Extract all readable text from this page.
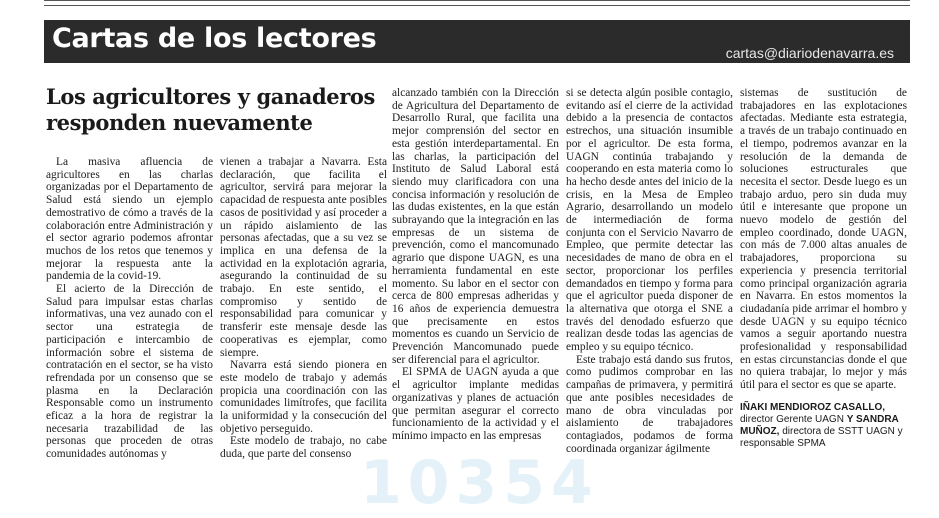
Cartas de los lectores	cartas@diariodenavarra.es
Los agricultores y ganaderos responden nuevamente

La masiva afluencia de agricultores en las charlas organizadas por el Departamento de Salud está siendo un ejemplo demostrativo de cómo a través de la colaboración entre Administración y el sector agrario podemos afrontar muchos de los retos que tenemos y mejorar la respuesta ante la pandemia de la covid-19.

El acierto de la Dirección de Salud para impulsar estas charlas informativas, una vez aunado con el sector una estrategia de participación e intercambio de información sobre el sistema de contratación en el sector, se ha visto refrendada por un consenso que se plasma en la Declaración Responsable como un instrumento eficaz a la hora de registrar la necesaria trazabilidad de las personas que proceden de otras comunidades autónomas y

vienen a trabajar a Navarra. Esta declaración, que facilita el agricultor, servirá para mejorar la capacidad de respuesta ante posibles casos de positividad y así proceder a un rápido aislamiento de las personas afectadas, que a su vez se implica en una defensa de la actividad en la explotación agraria, asegurando la continuidad de su trabajo. En este sentido, el compromiso y sentido de responsabilidad para comunicar y transferir este mensaje desde las cooperativas es ejemplar, como siempre.

Navarra está siendo pionera en este modelo de trabajo y además propicia una coordinación con las comunidades limítrofes, que facilita la uniformidad y la consecución del objetivo perseguido.

Este modelo de trabajo, no cabe duda, que parte del consenso

alcanzado también con la Dirección de Agricultura del Departamento de Desarrollo Rural, que facilita una mejor comprensión del sector en esta gestión interdepartamental. En las charlas, la participación del Instituto de Salud Laboral está siendo muy clarificadora con una concisa información y resolución de las dudas existentes, en la que están subrayando que la integración en las empresas de un sistema de prevención, como el mancomunado agrario que dispone UAGN, es una herramienta fundamental en este momento. Su labor en el sector con cerca de 800 empresas adheridas y 16 años de experiencia demuestra que precisamente en estos momentos es cuando un Servicio de Prevención Mancomunado puede ser diferencial para el agricultor.

El SPMA de UAGN ayuda a que el agricultor implante medidas organizativas y planes de actuación que permitan asegurar el correcto funcionamiento de la actividad y el mínimo impacto en las empresas

si se detecta algún posible contagio, evitando así el cierre de la actividad debido a la presencia de contactos estrechos, una situación insumible por el agricultor. De esta forma, UAGN continúa trabajando y cooperando en esta materia como lo ha hecho desde antes del inicio de la crisis, en la Mesa de Empleo Agrario, desarrollando un modelo de intermediación de forma conjunta con el Servicio Navarro de Empleo, que permite detectar las necesidades de mano de obra en el sector, proporcionar los perfiles demandados en tiempo y forma para que el agricultor pueda disponer de la alternativa que otorga el SNE a través del denodado esfuerzo que realizan desde todas las agencias de empleo y su equipo técnico.

Este trabajo está dando sus frutos, como pudimos comprobar en las campañas de primavera, y permitirá que ante posibles necesidades de mano de obra vinculadas por aislamiento de trabajadores contagiados, podamos de forma coordinada organizar ágilmente

sistemas de sustitución de trabajadores en las explotaciones afectadas. Mediante esta estrategia, a través de un trabajo continuado en el tiempo, podremos avanzar en la resolución de la demanda de soluciones estructurales que necesita el sector. Desde luego es un trabajo arduo, pero sin duda muy útil e interesante que propone un nuevo modelo de gestión del empleo coordinado, donde UAGN, con más de 7.000 altas anuales de trabajadores, proporciona su experiencia y presencia territorial como principal organización agraria en Navarra. En estos momentos la ciudadanía pide arrimar el hombro y desde UAGN y su equipo técnico vamos a seguir aportando nuestra profesionalidad y responsabilidad en estas circunstancias donde el que no quiera trabajar, lo mejor y más útil para el sector es que se aparte.

IÑAKI MENDIOROZ CASALLO, director Gerente UAGN Y SANDRA MUÑOZ, directora de SSTT UAGN y responsable SPMA
10354
